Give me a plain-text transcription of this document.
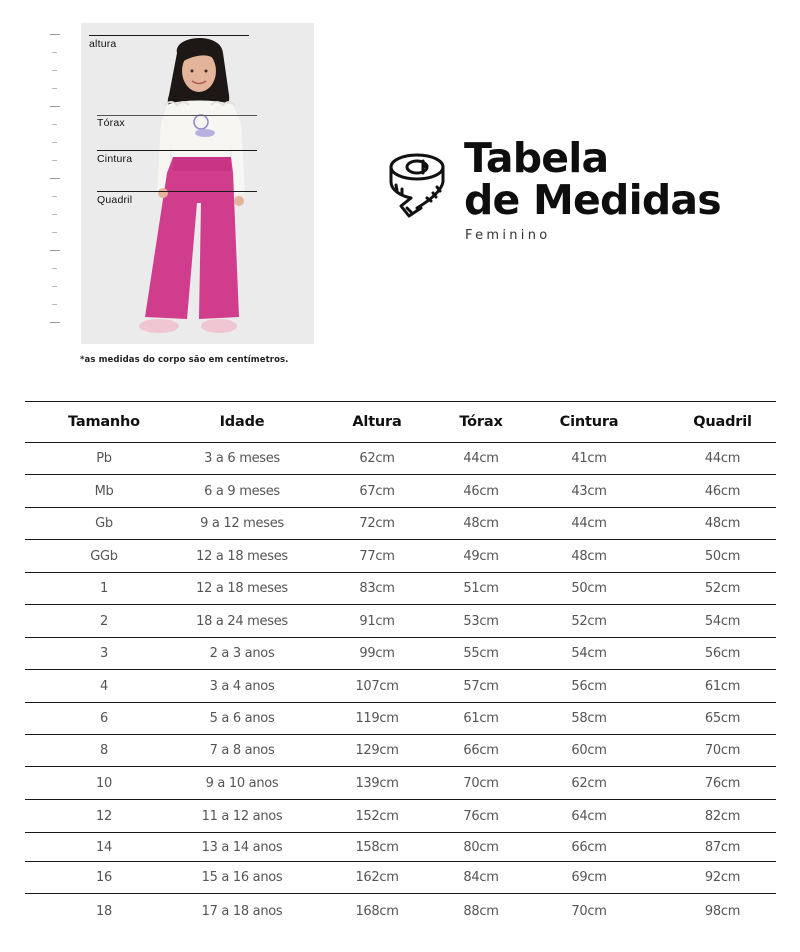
altura
Tórax
Cintura
Quadril
*as medidas do corpo são em centímetros.
Tabela
de Medidas
Feminino
Tamanho	Idade	Altura	Tórax	Cintura	Quadril
Pb	3 a 6 meses	62cm	44cm	41cm	44cm
Mb	6 a 9 meses	67cm	46cm	43cm	46cm
Gb	9 a 12 meses	72cm	48cm	44cm	48cm
GGb	12 a 18 meses	77cm	49cm	48cm	50cm
1	12 a 18 meses	83cm	51cm	50cm	52cm
2	18 a 24 meses	91cm	53cm	52cm	54cm
3	2 a 3 anos	99cm	55cm	54cm	56cm
4	3 a 4 anos	107cm	57cm	56cm	61cm
6	5 a 6 anos	119cm	61cm	58cm	65cm
8	7 a 8 anos	129cm	66cm	60cm	70cm
10	9 a 10 anos	139cm	70cm	62cm	76cm
12	11 a 12 anos	152cm	76cm	64cm	82cm
14	13 a 14 anos	158cm	80cm	66cm	87cm
16	15 a 16 anos	162cm	84cm	69cm	92cm
18	17 a 18 anos	168cm	88cm	70cm	98cm
